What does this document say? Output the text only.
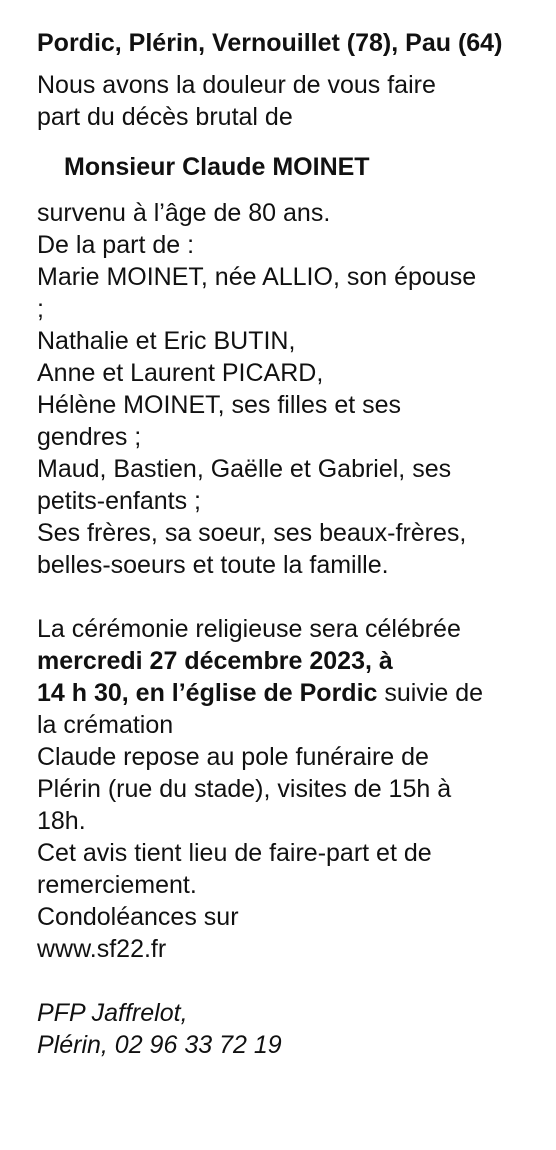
Pordic, Plérin, Vernouillet (78), Pau (64)
Nous avons la douleur de vous faire
part du décès brutal de
Monsieur Claude MOINET
survenu à l’âge de 80 ans.
De la part de :
Marie MOINET, née ALLIO, son épouse
;
Nathalie et Eric BUTIN,
Anne et Laurent PICARD,
Hélène MOINET, ses filles et ses
gendres ;
Maud, Bastien, Gaëlle et Gabriel, ses
petits-enfants ;
Ses frères, sa soeur, ses beaux-frères,
belles-soeurs et toute la famille.
La cérémonie religieuse sera célébrée
mercredi 27 décembre 2023, à
14 h 30, en l’église de Pordic suivie de
la crémation
Claude repose au pole funéraire de
Plérin (rue du stade), visites de 15h à
18h.
Cet avis tient lieu de faire-part et de
remerciement.
Condoléances sur
www.sf22.fr
PFP Jaffrelot,
Plérin, 02 96 33 72 19
